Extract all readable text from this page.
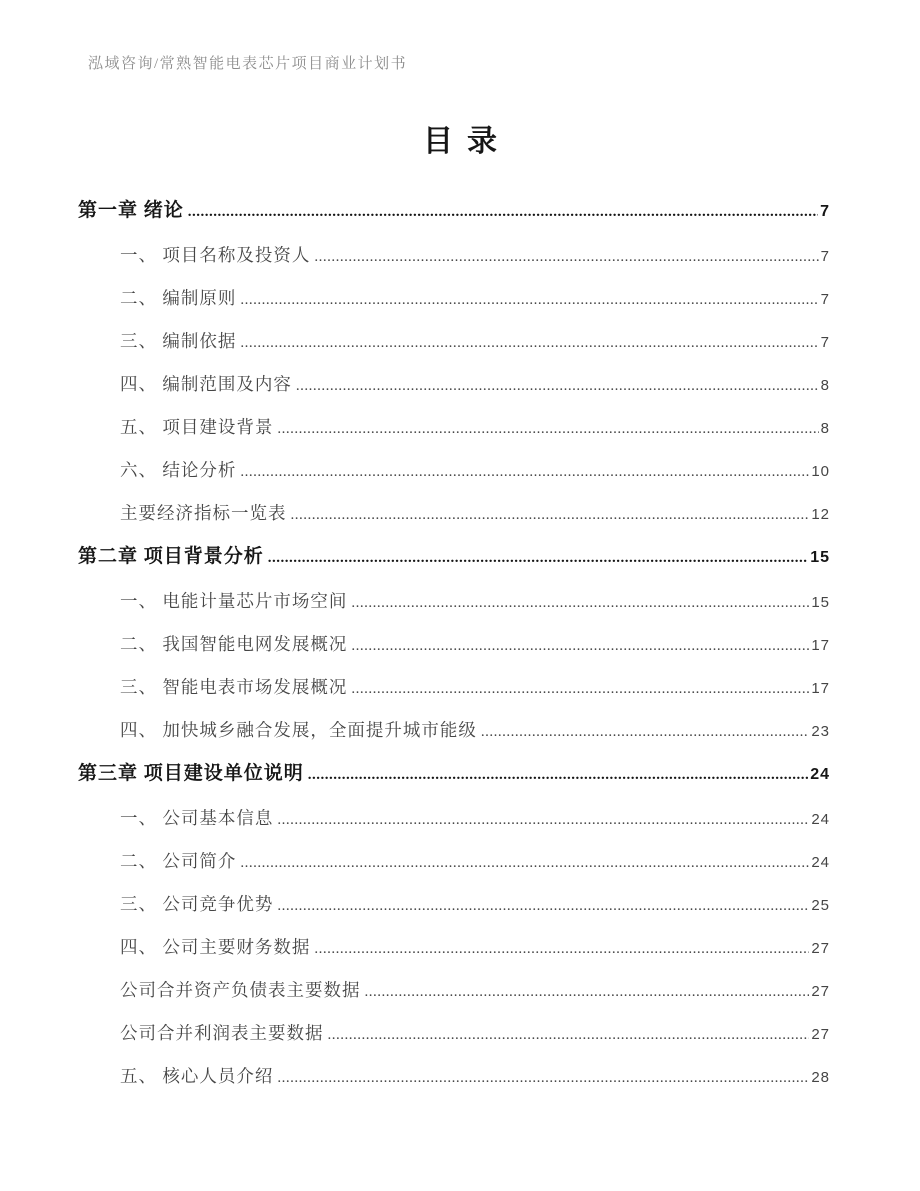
泓域咨询/常熟智能电表芯片项目商业计划书
目录
第一章 绪论 .....	7
一、 项目名称及投资人 .....	7
二、 编制原则 .....	7
三、 编制依据 .....	7
四、 编制范围及内容 .....	8
五、 项目建设背景 .....	8
六、 结论分析 .....	10
主要经济指标一览表 .....	12
第二章 项目背景分析 .....	15
一、 电能计量芯片市场空间 .....	15
二、 我国智能电网发展概况 .....	17
三、 智能电表市场发展概况 .....	17
四、 加快城乡融合发展，全面提升城市能级 .....	23
第三章 项目建设单位说明 .....	24
一、 公司基本信息 .....	24
二、 公司简介 .....	24
三、 公司竞争优势 .....	25
四、 公司主要财务数据 .....	27
公司合并资产负债表主要数据 .....	27
公司合并利润表主要数据 .....	27
五、 核心人员介绍 .....	28
